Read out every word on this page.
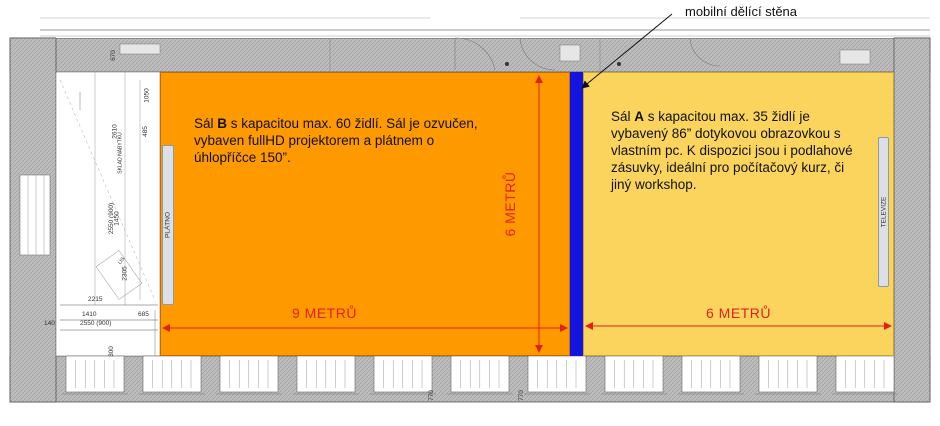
PLÁTNO	TELEVIZE
Sál B s kapacitou max. 60 židlí. Sál je ozvučen, vybaven fullHD projektorem a plátnem o úhlopříčce 150”.
Sál A s kapacitou max. 35 židlí je vybavený 86” dotykovou obrazovkou s vlastním pc. K dispozici jsou i podlahové zásuvky, ideální pro počítačový kurz, či jiný workshop.
9 METRŮ
6 METRŮ
6 METRŮ
mobilní dělící stěna
670
1050
485
2610
1450
2550 (900)
2305
2215
1410
2550 (900)
685
140
300
770	770
SKLAD NÁBYTKU
LIS
